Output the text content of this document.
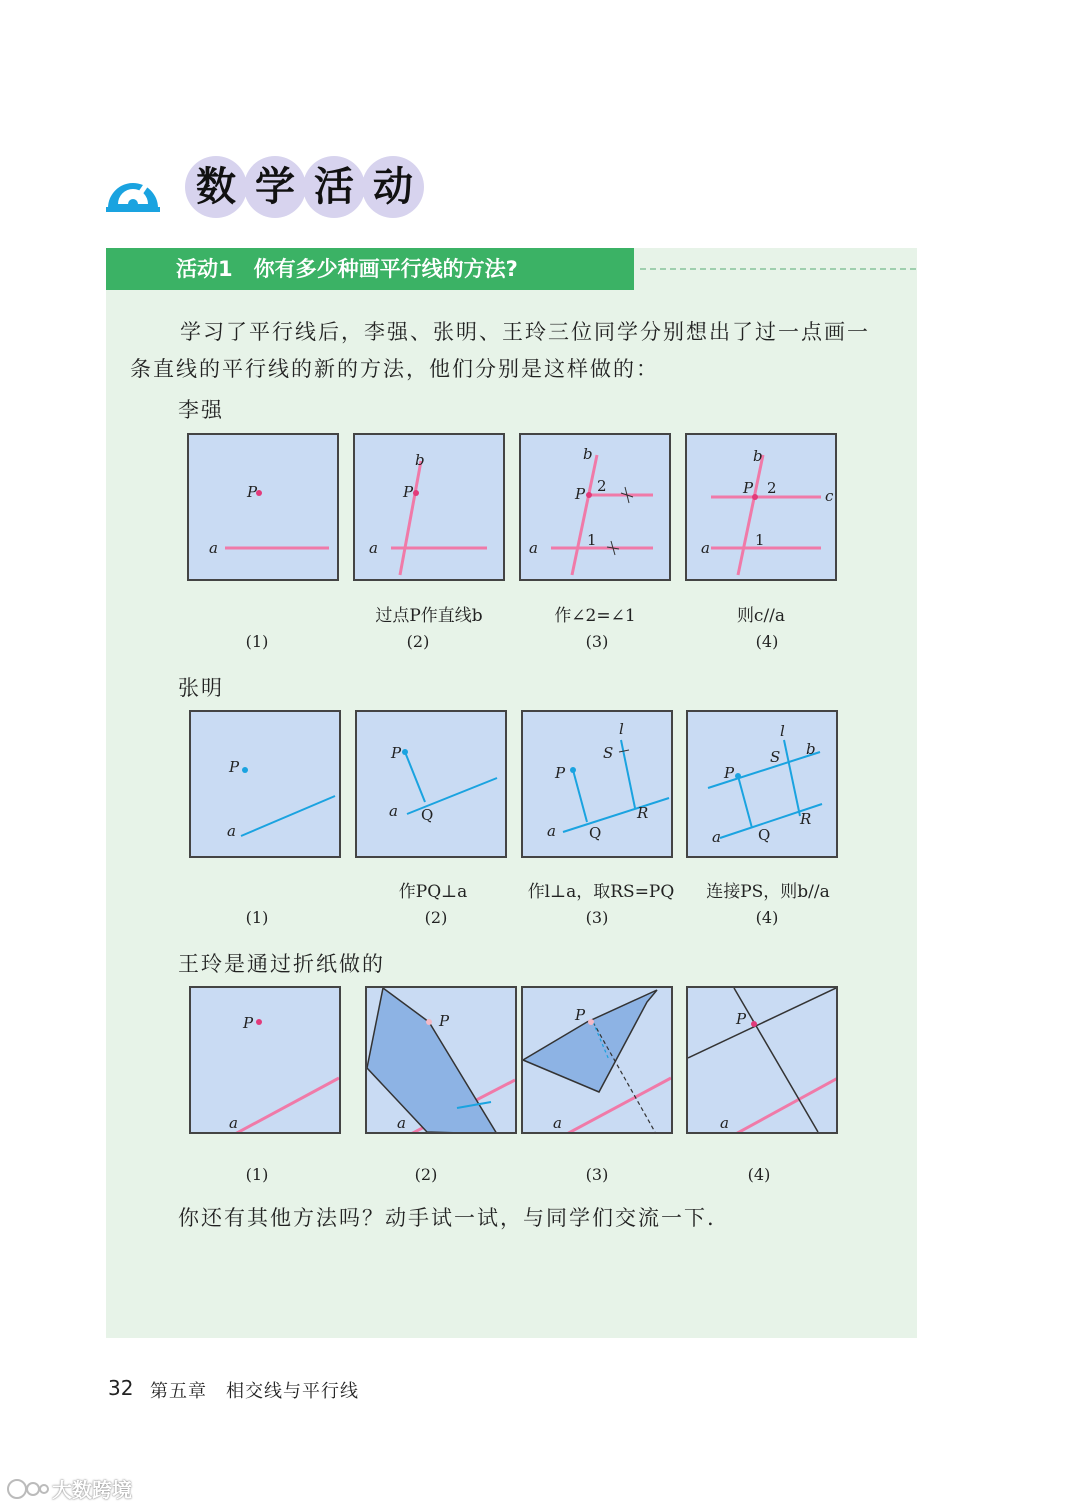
数 学 活 动
活动1　你有多少种画平行线的方法?
学习了平行线后，李强、张明、王玲三位同学分别想出了过一点画一
条直线的平行线的新的方法，他们分别是这样做的：
李强
P
a
P
b
a
P
b
a
2
1
P
b
c
a
2
1
过点P作直线b	作∠2=∠1	则c//a
(1)	(2)	(3)	(4)
张明
P
a
P
a Q
P
a Q
S
l
R
P
a Q
S
l
b
R
作PQ⊥a	作l⊥a，取RS=PQ	连接PS，则b//a
(1)	(2)	(3)	(4)
王玲是通过折纸做的
P
a
P
a
P
a
P
a
(1)	(2)	(3)	(4)
你还有其他方法吗？动手试一试，与同学们交流一下.
32 第五章　相交线与平行线
大数跨境
